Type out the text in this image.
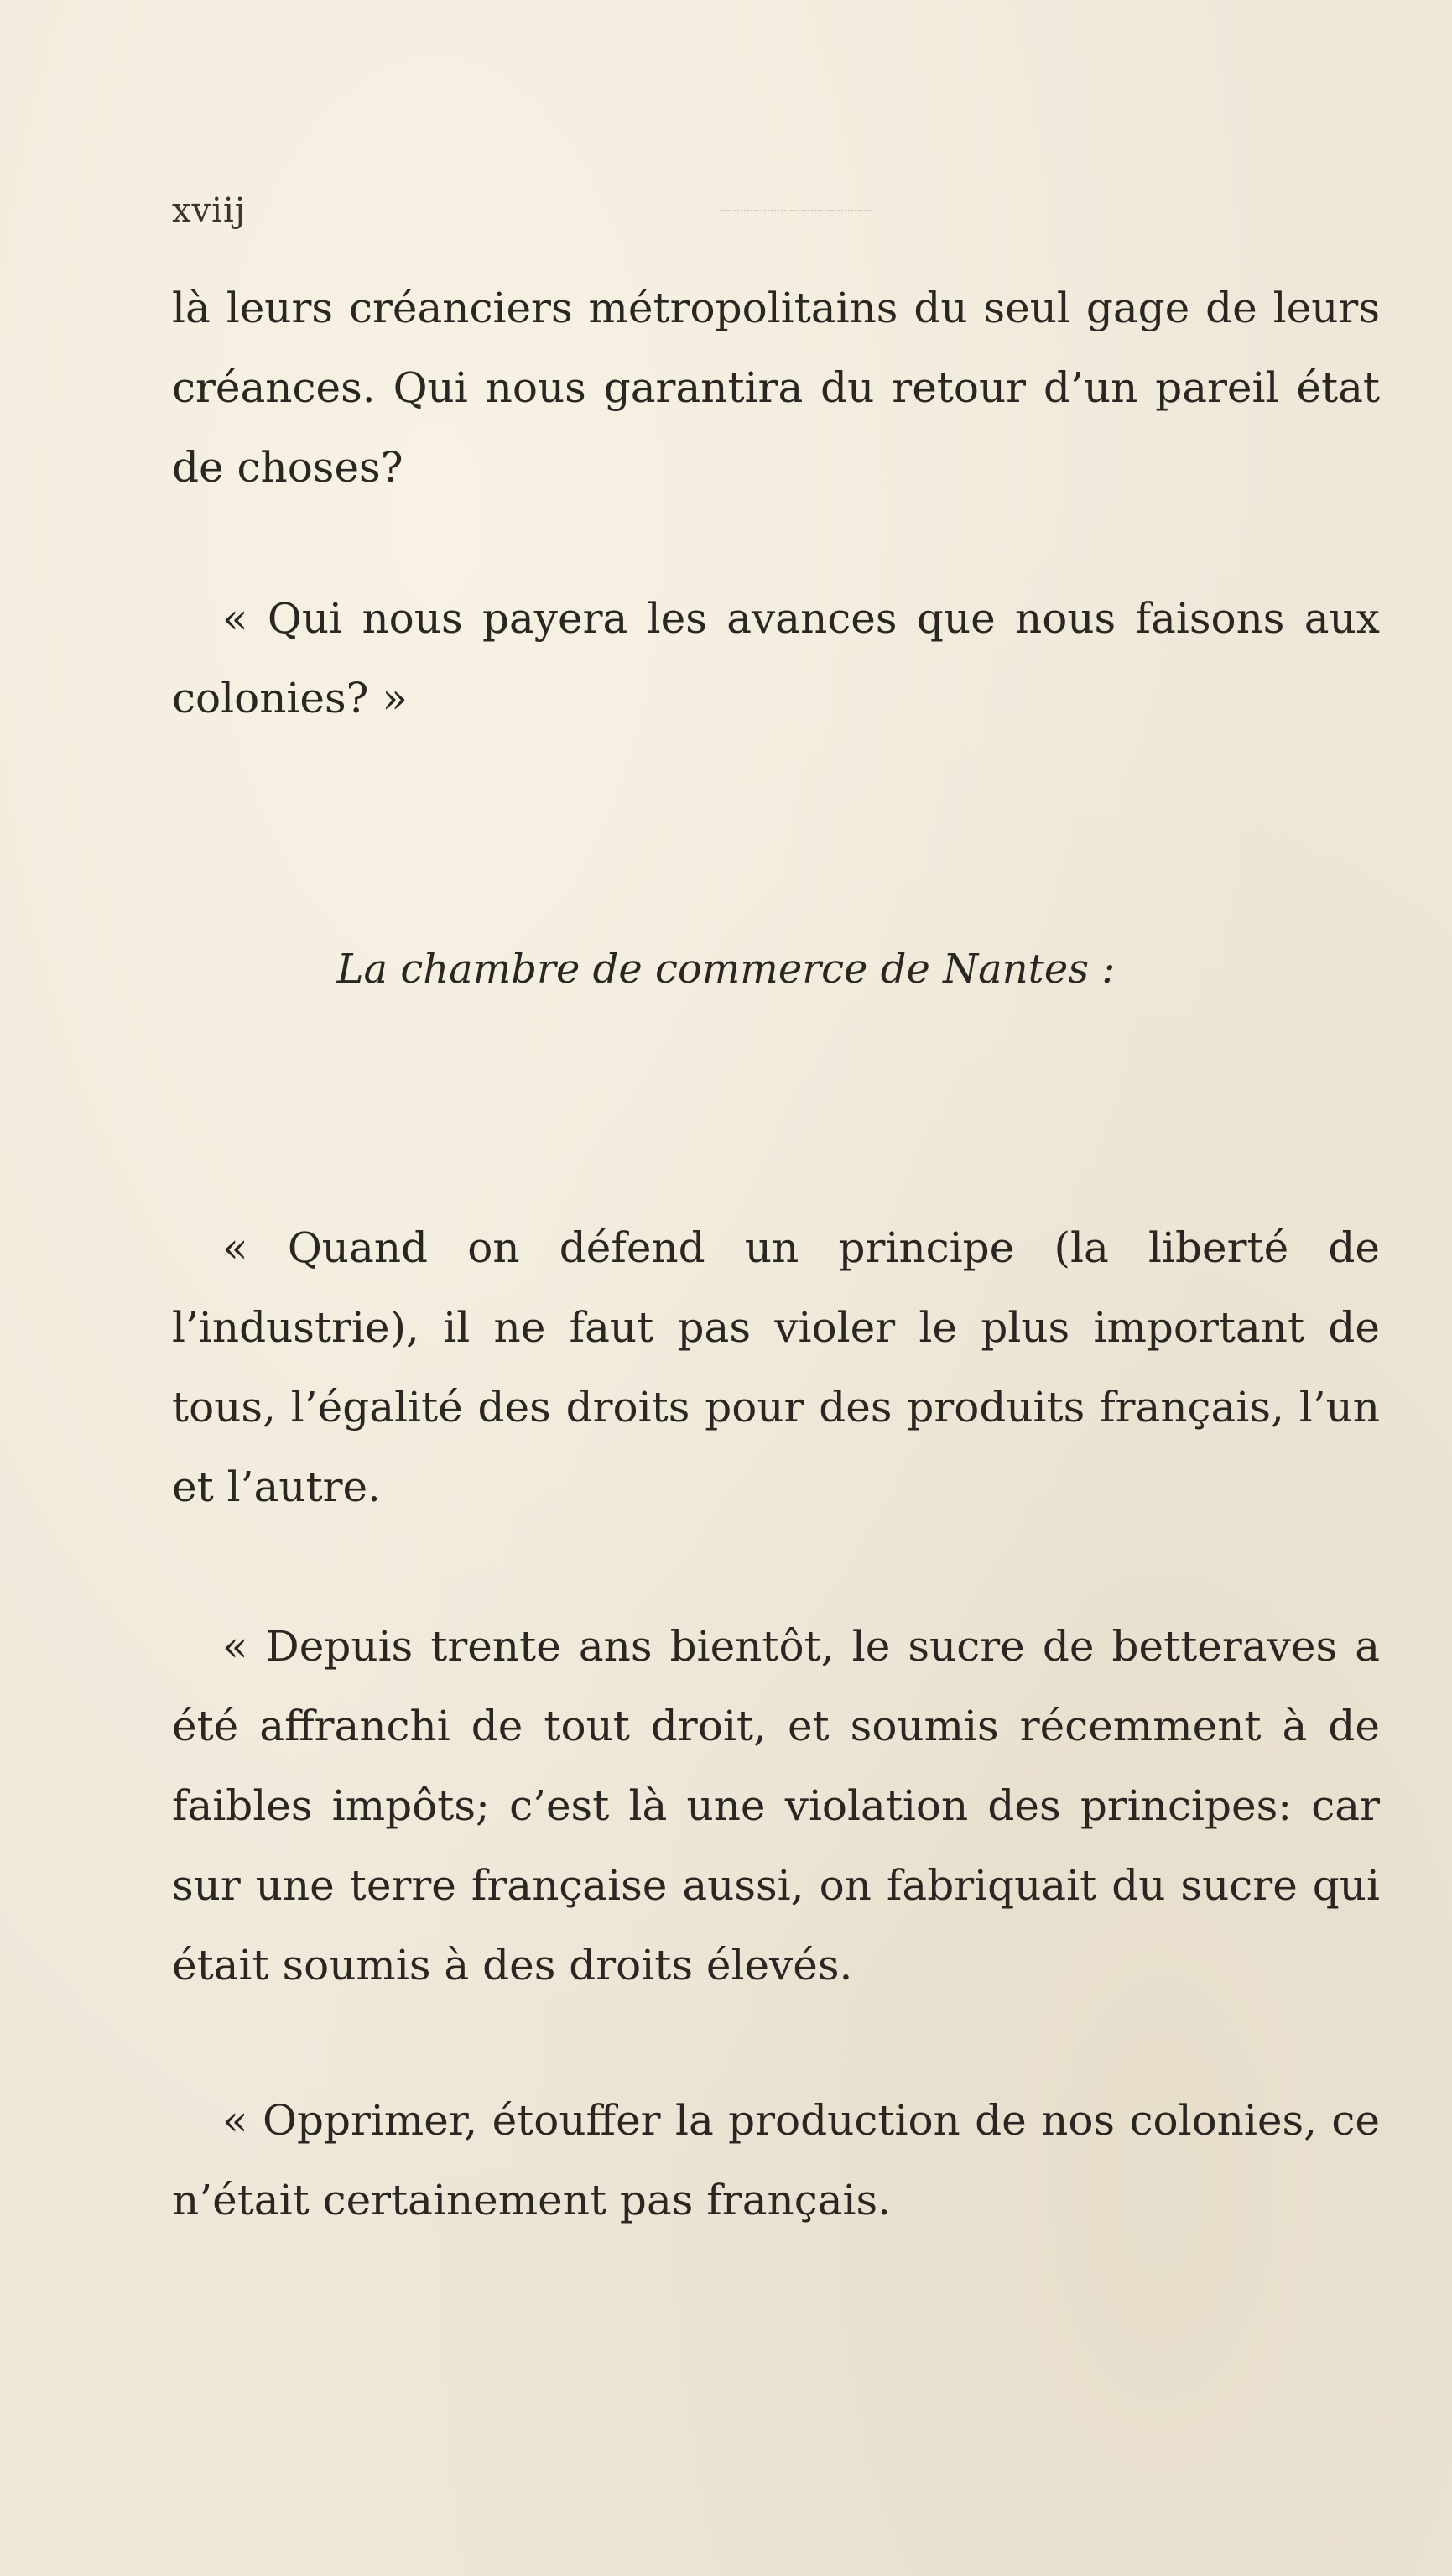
xviij

là leurs créanciers métropolitains du seul gage de leurs créances. Qui nous garantira du retour d’un pareil état de choses?

« Qui nous payera les avances que nous faisons aux colonies? »

La chambre de commerce de Nantes :

« Quand on défend un principe (la liberté de l’industrie), il ne faut pas violer le plus important de tous, l’égalité des droits pour des produits français, l’un et l’autre.

« Depuis trente ans bientôt, le sucre de betteraves a été affranchi de tout droit, et soumis récemment à de faibles impôts; c’est là une violation des principes: car sur une terre française aussi, on fabriquait du sucre qui était soumis à des droits élevés.

« Opprimer, étouffer la production de nos colonies, ce n’était certainement pas français.
